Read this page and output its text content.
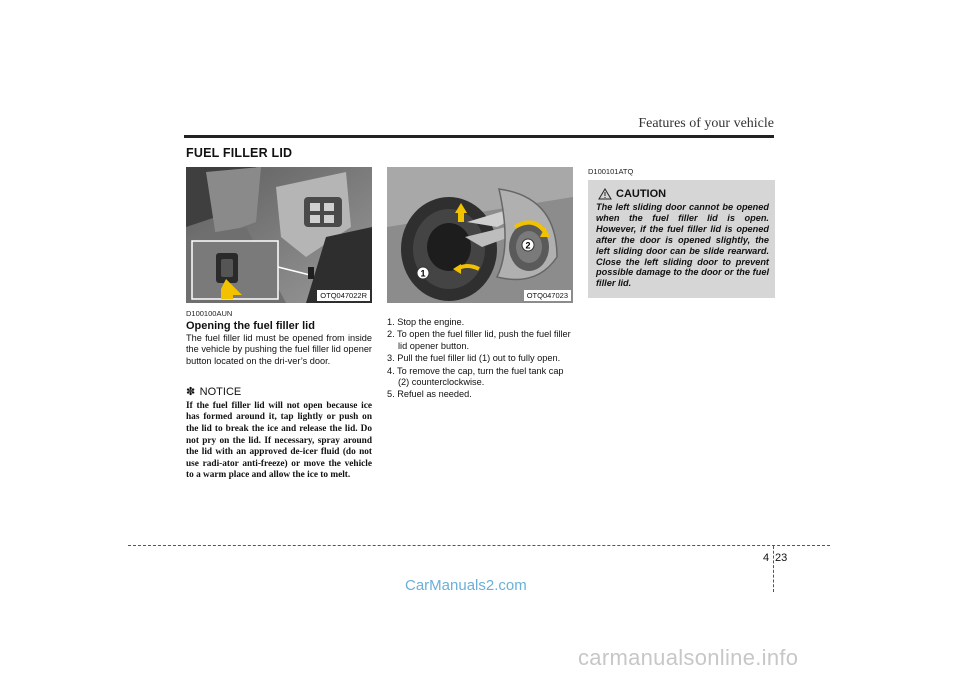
Features of your vehicle
FUEL FILLER LID
OTQ047022R
D100100AUN
Opening the fuel filler lid
The fuel filler lid must be opened from inside the vehicle by pushing the fuel filler lid opener button located on the dri-ver’s door.
✽ NOTICE
If the fuel filler lid will not open because ice has formed around it, tap lightly or push on the lid to break the ice and release the lid. Do not pry on the lid. If necessary, spray around the lid with an approved de-icer fluid (do not use radi-ator anti-freeze) or move the vehicle to a warm place and allow the ice to melt.
1
2
OTQ047023
1. Stop the engine.
2. To open the fuel filler lid, push the fuel filler lid opener button.
3. Pull the fuel filler lid (1) out to fully open.
4. To remove the cap, turn the fuel tank cap (2) counterclockwise.
5. Refuel as needed.
D100101ATQ
CAUTION
The left sliding door cannot be opened when the fuel filler lid is open. However, if the fuel filler lid is opened after the door is opened slightly, the left sliding door can be slide rearward. Close the left sliding door to prevent possible damage to the door or the fuel filler lid.
4 23
CarManuals2.com
carmanualsonline.info
